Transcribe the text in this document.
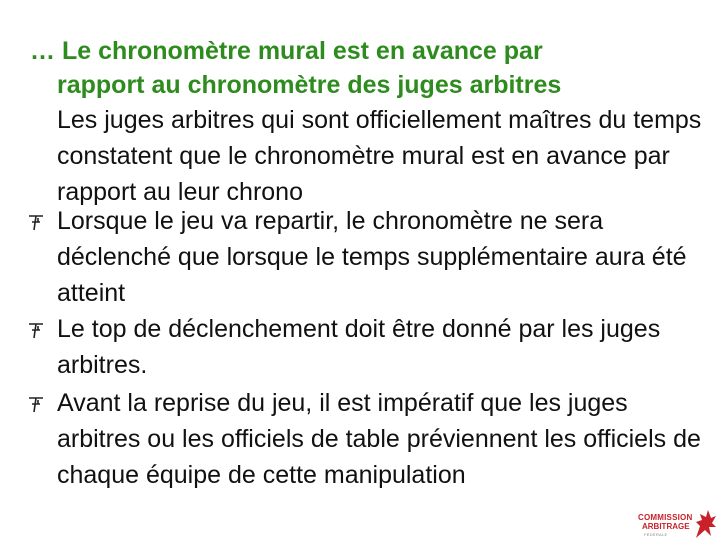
… Le chronomètre mural est en avance par
rapport au chronomètre des juges arbitres
Les juges arbitres qui sont officiellement maîtres du temps constatent que le chronomètre mural est en avance par rapport au leur chrono
Lorsque le jeu va repartir, le chronomètre ne sera déclenché que lorsque le temps supplémentaire aura été atteint
Le top de déclenchement doit être donné par les juges arbitres.
Avant la reprise du jeu, il est impératif que les juges arbitres ou les officiels de table préviennent les officiels de chaque équipe de cette manipulation
COMMISSION
ARBITRAGE
FÉDÉRALE
